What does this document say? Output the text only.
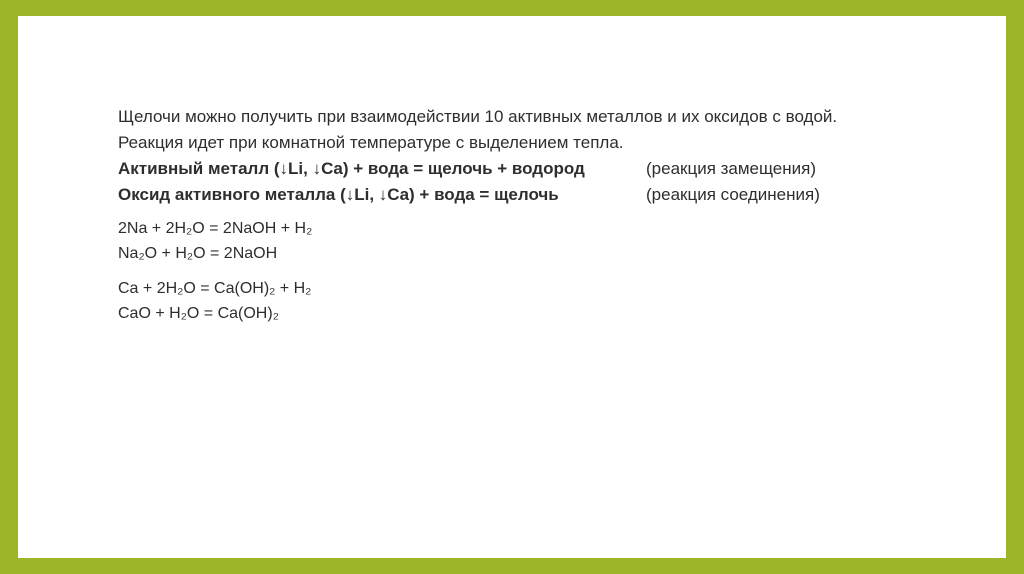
Щелочи можно получить при взаимодействии 10 активных металлов и их оксидов с водой.
Реакция идет при комнатной температуре с выделением тепла.
Активный металл (↓Li, ↓Ca) + вода = щелочь + водород	(реакция замещения)
Оксид активного металла (↓Li, ↓Ca) + вода = щелочь	(реакция соединения)
2Na + 2H₂O = 2NaOH + H₂
Na₂O + H₂O = 2NaOH
Ca + 2H₂O = Ca(OH)₂ + H₂
CaO + H₂O = Ca(OH)₂
